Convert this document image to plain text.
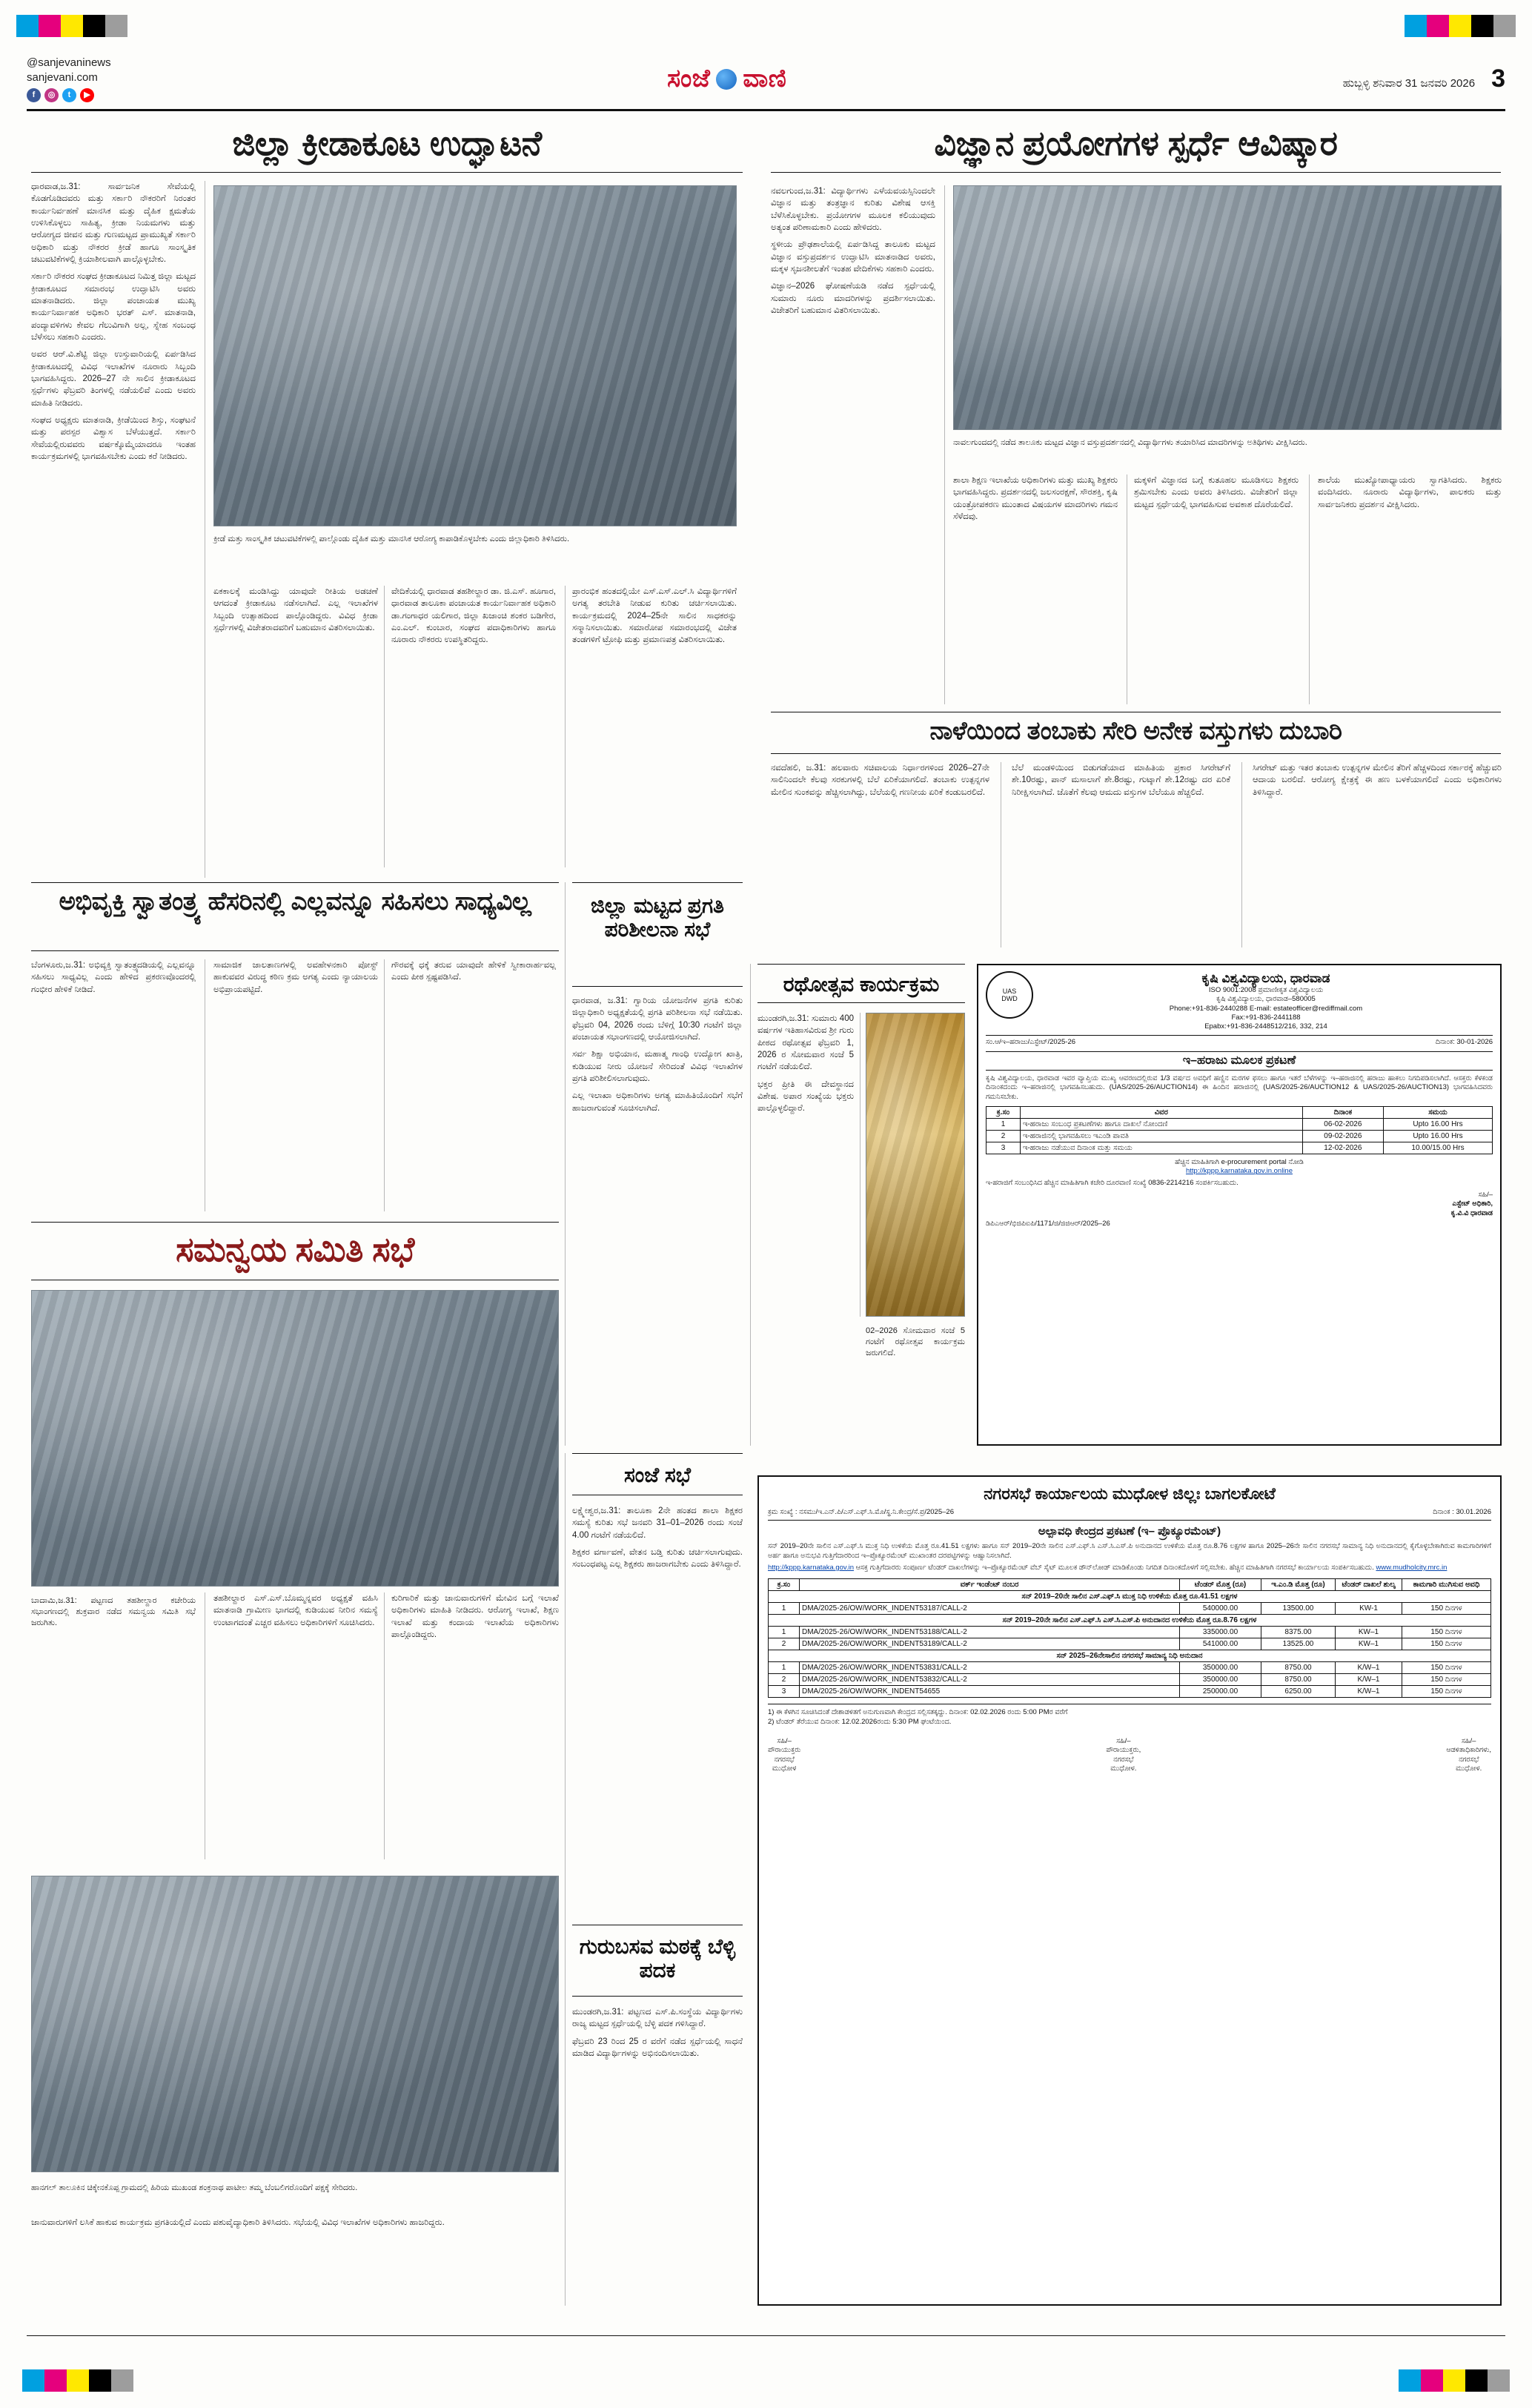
@sanjevaninews
sanjevani.com
f	◎	t	▶
ಸಂಜೆ ವಾಣಿ	ಹುಬ್ಬಳ್ಳಿ ಶನಿವಾರ 31 ಜನವರಿ 2026 3
ಜಿಲ್ಲಾ ಕ್ರೀಡಾಕೂಟ ಉದ್ಘಾಟನೆ

ಧಾರವಾಡ,ಜ.31: ಸಾರ್ವಜನಿಕ ಸೇವೆಯಲ್ಲಿ ಕೊಡಗೊಡಿದವರು ಮತ್ತು ಸರ್ಕಾರಿ ನೌಕರರಿಗೆ ನಿರಂತರ ಕಾರ್ಯನಿರ್ವಹಣೆ ಮಾನಸಿಕ ಮತ್ತು ದೈಹಿಕ ಕ್ಷಮತೆಯ ಉಳಿಸಿಕೊಳ್ಳಲು ಸಾಹಿತ್ಯ, ಕ್ರೀಡಾ ನಿಯಮಗಳು ಮತ್ತು ಆರೋಗ್ಯದ ಜೀವನ ಮತ್ತು ಗುಣಮಟ್ಟದ ಪ್ರಾಮುಖ್ಯತೆ ಸರ್ಕಾರಿ ಅಧಿಕಾರಿ ಮತ್ತು ನೌಕರರ ಕ್ರೀಡೆ ಹಾಗೂ ಸಾಂಸ್ಕೃತಿಕ ಚಟುವಟಿಕೆಗಳಲ್ಲಿ ಕ್ರಿಯಾಶೀಲವಾಗಿ ಪಾಲ್ಗೊಳ್ಳಬೇಕು.

ಸರ್ಕಾರಿ ನೌಕರರ ಸಂಘದ ಕ್ರೀಡಾಕೂಟದ ನಿಮಿತ್ತ ಜಿಲ್ಲಾ ಮಟ್ಟದ ಕ್ರೀಡಾಕೂಟದ ಸಮಾರಂಭ ಉದ್ಘಾಟಿಸಿ ಅವರು ಮಾತನಾಡಿದರು. ಜಿಲ್ಲಾ ಪಂಚಾಯತ ಮುಖ್ಯ ಕಾರ್ಯನಿರ್ವಾಹಕ ಅಧಿಕಾರಿ ಭರತ್ ಎಸ್. ಮಾತನಾಡಿ, ಪಂದ್ಯಾವಳಿಗಳು ಕೇವಲ ಗೆಲುವಿಗಾಗಿ ಅಲ್ಲ, ಸ್ನೇಹ ಸಂಬಂಧ ಬೆಳೆಸಲು ಸಹಕಾರಿ ಎಂದರು.

ಅವರ ಆರ್.ವಿ.ಶೆಟ್ಟಿ ಜಿಲ್ಲಾ ಉಸ್ತುವಾರಿಯಲ್ಲಿ ಏರ್ಪಡಿಸಿದ ಕ್ರೀಡಾಕೂಟದಲ್ಲಿ ವಿವಿಧ ಇಲಾಖೆಗಳ ನೂರಾರು ಸಿಬ್ಬಂದಿ ಭಾಗವಹಿಸಿದ್ದರು. 2026–27 ನೇ ಸಾಲಿನ ಕ್ರೀಡಾಕೂಟದ ಸ್ಪರ್ಧೆಗಳು ಫೆಬ್ರವರಿ ತಿಂಗಳಲ್ಲಿ ನಡೆಯಲಿವೆ ಎಂದು ಅವರು ಮಾಹಿತಿ ನೀಡಿದರು.

ಸಂಘದ ಅಧ್ಯಕ್ಷರು ಮಾತನಾಡಿ, ಕ್ರೀಡೆಯಿಂದ ಶಿಸ್ತು, ಸಂಘಟನೆ ಮತ್ತು ಪರಸ್ಪರ ವಿಶ್ವಾಸ ಬೆಳೆಯುತ್ತದೆ. ಸರ್ಕಾರಿ ಸೇವೆಯಲ್ಲಿರುವವರು ವರ್ಷಕ್ಕೊಮ್ಮೆಯಾದರೂ ಇಂತಹ ಕಾರ್ಯಕ್ರಮಗಳಲ್ಲಿ ಭಾಗವಹಿಸಬೇಕು ಎಂದು ಕರೆ ನೀಡಿದರು.

ಕ್ರೀಡೆ ಮತ್ತು ಸಾಂಸ್ಕೃತಿಕ ಚಟುವಟಿಕೆಗಳಲ್ಲಿ ಪಾಲ್ಗೊಂಡು ದೈಹಿಕ ಮತ್ತು ಮಾನಸಿಕ ಆರೋಗ್ಯ ಕಾಪಾಡಿಕೊಳ್ಳಬೇಕು ಎಂದು ಜಿಲ್ಲಾಧಿಕಾರಿ ತಿಳಿಸಿದರು.
ಏಕಕಾಲಕ್ಕೆ ಮಂಡಿಸಿದ್ದು ಯಾವುದೇ ರೀತಿಯ ಅಡಚಣೆ ಆಗದಂತೆ ಕ್ರೀಡಾಕೂಟ ನಡೆಸಲಾಗಿದೆ. ಎಲ್ಲ ಇಲಾಖೆಗಳ ಸಿಬ್ಬಂದಿ ಉತ್ಸಾಹದಿಂದ ಪಾಲ್ಗೊಂಡಿದ್ದರು. ವಿವಿಧ ಕ್ರೀಡಾ ಸ್ಪರ್ಧೆಗಳಲ್ಲಿ ವಿಜೇತರಾದವರಿಗೆ ಬಹುಮಾನ ವಿತರಿಸಲಾಯಿತು.
ವೇದಿಕೆಯಲ್ಲಿ ಧಾರವಾಡ ತಹಶೀಲ್ದಾರ ಡಾ. ಜಿ.ಎಸ್. ಹೂಗಾರ, ಧಾರವಾಡ ತಾಲೂಕಾ ಪಂಚಾಯತ ಕಾರ್ಯನಿರ್ವಾಹಕ ಅಧಿಕಾರಿ ಡಾ.ಗಂಗಾಧರ ಯಲಿಗಾರ, ಜಿಲ್ಲಾ ಖಜಾಂಚಿ ಶಂಕರ ಬಡಿಗೇರ, ಎಂ.ಎಲ್. ಕುಂಬಾರ, ಸಂಘದ ಪದಾಧಿಕಾರಿಗಳು ಹಾಗೂ ನೂರಾರು ನೌಕರರು ಉಪಸ್ಥಿತರಿದ್ದರು.
ಪ್ರಾರಂಭಿಕ ಹಂತದಲ್ಲಿಯೇ ಎಸ್.ಎಸ್.ಎಲ್.ಸಿ ವಿದ್ಯಾರ್ಥಿಗಳಿಗೆ ಅಗತ್ಯ ತರಬೇತಿ ನೀಡುವ ಕುರಿತು ಚರ್ಚಿಸಲಾಯಿತು. ಕಾರ್ಯಕ್ರಮದಲ್ಲಿ 2024–25ನೇ ಸಾಲಿನ ಸಾಧಕರನ್ನು ಸನ್ಮಾನಿಸಲಾಯಿತು. ಸಮಾರೋಪ ಸಮಾರಂಭದಲ್ಲಿ ವಿಜೇತ ತಂಡಗಳಿಗೆ ಟ್ರೋಫಿ ಮತ್ತು ಪ್ರಮಾಣಪತ್ರ ವಿತರಿಸಲಾಯಿತು.
ವಿಜ್ಞಾನ ಪ್ರಯೋಗಗಳ ಸ್ಪರ್ಧೆ ಆವಿಷ್ಕಾರ

ನವಲಗುಂದ,ಜ.31: ವಿದ್ಯಾರ್ಥಿಗಳು ಎಳೆಯವಯಸ್ಸಿನಿಂದಲೇ ವಿಜ್ಞಾನ ಮತ್ತು ತಂತ್ರಜ್ಞಾನ ಕುರಿತು ವಿಶೇಷ ಆಸಕ್ತಿ ಬೆಳೆಸಿಕೊಳ್ಳಬೇಕು. ಪ್ರಯೋಗಗಳ ಮೂಲಕ ಕಲಿಯುವುದು ಅತ್ಯಂತ ಪರಿಣಾಮಕಾರಿ ಎಂದು ಹೇಳಿದರು.

ಸ್ಥಳೀಯ ಪ್ರೌಢಶಾಲೆಯಲ್ಲಿ ಏರ್ಪಡಿಸಿದ್ದ ತಾಲೂಕು ಮಟ್ಟದ ವಿಜ್ಞಾನ ವಸ್ತುಪ್ರದರ್ಶನ ಉದ್ಘಾಟಿಸಿ ಮಾತನಾಡಿದ ಅವರು, ಮಕ್ಕಳ ಸೃಜನಶೀಲತೆಗೆ ಇಂತಹ ವೇದಿಕೆಗಳು ಸಹಕಾರಿ ಎಂದರು.

ವಿಜ್ಞಾನ–2026 ಘೋಷಣೆಯಡಿ ನಡೆದ ಸ್ಪರ್ಧೆಯಲ್ಲಿ ಸುಮಾರು ನೂರು ಮಾದರಿಗಳನ್ನು ಪ್ರದರ್ಶಿಸಲಾಯಿತು. ವಿಜೇತರಿಗೆ ಬಹುಮಾನ ವಿತರಿಸಲಾಯಿತು.

ನಾವಲಗುಂದದಲ್ಲಿ ನಡೆದ ತಾಲೂಕು ಮಟ್ಟದ ವಿಜ್ಞಾನ ವಸ್ತುಪ್ರದರ್ಶನದಲ್ಲಿ ವಿದ್ಯಾರ್ಥಿಗಳು ತಯಾರಿಸಿದ ಮಾದರಿಗಳನ್ನು ಅತಿಥಿಗಳು ವೀಕ್ಷಿಸಿದರು.
ಶಾಲಾ ಶಿಕ್ಷಣ ಇಲಾಖೆಯ ಅಧಿಕಾರಿಗಳು ಮತ್ತು ಮುಖ್ಯ ಶಿಕ್ಷಕರು ಭಾಗವಹಿಸಿದ್ದರು. ಪ್ರದರ್ಶನದಲ್ಲಿ ಜಲಸಂರಕ್ಷಣೆ, ಸೌರಶಕ್ತಿ, ಕೃಷಿ ಯಂತ್ರೋಪಕರಣ ಮುಂತಾದ ವಿಷಯಗಳ ಮಾದರಿಗಳು ಗಮನ ಸೆಳೆದವು.
ಮಕ್ಕಳಿಗೆ ವಿಜ್ಞಾನದ ಬಗ್ಗೆ ಕುತೂಹಲ ಮೂಡಿಸಲು ಶಿಕ್ಷಕರು ಶ್ರಮಿಸಬೇಕು ಎಂದು ಅವರು ತಿಳಿಸಿದರು. ವಿಜೇತರಿಗೆ ಜಿಲ್ಲಾ ಮಟ್ಟದ ಸ್ಪರ್ಧೆಯಲ್ಲಿ ಭಾಗವಹಿಸುವ ಅವಕಾಶ ದೊರೆಯಲಿದೆ.
ಶಾಲೆಯ ಮುಖ್ಯೋಪಾಧ್ಯಾಯರು ಸ್ವಾಗತಿಸಿದರು. ಶಿಕ್ಷಕರು ವಂದಿಸಿದರು. ನೂರಾರು ವಿದ್ಯಾರ್ಥಿಗಳು, ಪಾಲಕರು ಮತ್ತು ಸಾರ್ವಜನಿಕರು ಪ್ರದರ್ಶನ ವೀಕ್ಷಿಸಿದರು.
ನಾಳೆಯಿಂದ ತಂಬಾಕು ಸೇರಿ ಅನೇಕ ವಸ್ತುಗಳು ದುಬಾರಿ
ನವದೆಹಲಿ, ಜ.31: ಹಲವಾರು ಸಚಿವಾಲಯ ನಿರ್ಧಾರಗಳಿಂದ 2026–27ನೇ ಸಾಲಿನಿಂದಲೇ ಕೆಲವು ಸರಕುಗಳಲ್ಲಿ ಬೆಲೆ ಏರಿಕೆಯಾಗಲಿದೆ. ತಂಬಾಕು ಉತ್ಪನ್ನಗಳ ಮೇಲಿನ ಸುಂಕವನ್ನು ಹೆಚ್ಚಿಸಲಾಗಿದ್ದು, ಬೆಲೆಯಲ್ಲಿ ಗಣನೀಯ ಏರಿಕೆ ಕಂಡುಬರಲಿದೆ.
ಬೆಲೆ ಮಂಡಳಿಯಿಂದ ಬಿಡುಗಡೆಯಾದ ಮಾಹಿತಿಯ ಪ್ರಕಾರ ಸಿಗರೇಟ್‌ಗೆ ಶೇ.10ರಷ್ಟು, ಪಾನ್ ಮಸಾಲಾಗೆ ಶೇ.8ರಷ್ಟು, ಗುಟ್ಕಾಗೆ ಶೇ.12ರಷ್ಟು ದರ ಏರಿಕೆ ನಿರೀಕ್ಷಿಸಲಾಗಿದೆ. ಜೊತೆಗೆ ಕೆಲವು ಆಮದು ವಸ್ತುಗಳ ಬೆಲೆಯೂ ಹೆಚ್ಚಲಿದೆ.
ಸಿಗರೇಟ್ ಮತ್ತು ಇತರ ತಂಬಾಕು ಉತ್ಪನ್ನಗಳ ಮೇಲಿನ ತೆರಿಗೆ ಹೆಚ್ಚಳದಿಂದ ಸರ್ಕಾರಕ್ಕೆ ಹೆಚ್ಚುವರಿ ಆದಾಯ ಬರಲಿದೆ. ಆರೋಗ್ಯ ಕ್ಷೇತ್ರಕ್ಕೆ ಈ ಹಣ ಬಳಕೆಯಾಗಲಿದೆ ಎಂದು ಅಧಿಕಾರಿಗಳು ತಿಳಿಸಿದ್ದಾರೆ.
ಅಭಿವೃಕ್ತಿ ಸ್ವಾತಂತ್ರ್ಯ ಹೆಸರಿನಲ್ಲಿ ಎಲ್ಲವನ್ನೂ ಸಹಿಸಲು ಸಾಧ್ಯವಿಲ್ಲ
ಬೆಂಗಳೂರು,ಜ.31: ಅಭಿವ್ಯಕ್ತಿ ಸ್ವಾತಂತ್ರ್ಯದಡಿಯಲ್ಲಿ ಎಲ್ಲವನ್ನೂ ಸಹಿಸಲು ಸಾಧ್ಯವಿಲ್ಲ ಎಂದು ಹೇಳಿದ ಪ್ರಕರಣವೊಂದರಲ್ಲಿ ಗಂಭೀರ ಹೇಳಿಕೆ ನೀಡಿದೆ.
ಸಾಮಾಜಿಕ ಜಾಲತಾಣಗಳಲ್ಲಿ ಅವಹೇಳನಕಾರಿ ಪೋಸ್ಟ್ ಹಾಕುವವರ ವಿರುದ್ಧ ಕಠಿಣ ಕ್ರಮ ಅಗತ್ಯ ಎಂದು ನ್ಯಾಯಾಲಯ ಅಭಿಪ್ರಾಯಪಟ್ಟಿದೆ.
ಗೌರವಕ್ಕೆ ಧಕ್ಕೆ ತರುವ ಯಾವುದೇ ಹೇಳಿಕೆ ಸ್ವೀಕಾರಾರ್ಹವಲ್ಲ ಎಂದು ಪೀಠ ಸ್ಪಷ್ಟಪಡಿಸಿದೆ.
ಜಿಲ್ಲಾ ಮಟ್ಟದ ಪ್ರಗತಿ ಪರಿಶೀಲನಾ ಸಭೆ

ಧಾರವಾಡ, ಜ.31: ಗ್ವಾರಿಯ ಯೋಜನೆಗಳ ಪ್ರಗತಿ ಕುರಿತು ಜಿಲ್ಲಾಧಿಕಾರಿ ಅಧ್ಯಕ್ಷತೆಯಲ್ಲಿ ಪ್ರಗತಿ ಪರಿಶೀಲನಾ ಸಭೆ ನಡೆಯಿತು. ಫೆಬ್ರವರಿ 04, 2026 ರಂದು ಬೆಳಿಗ್ಗೆ 10:30 ಗಂಟೆಗೆ ಜಿಲ್ಲಾ ಪಂಚಾಯತ ಸಭಾಂಗಣದಲ್ಲಿ ಆಯೋಜಿಸಲಾಗಿದೆ.

ಸರ್ವ ಶಿಕ್ಷಾ ಅಭಿಯಾನ, ಮಹಾತ್ಮ ಗಾಂಧಿ ಉದ್ಯೋಗ ಖಾತ್ರಿ, ಕುಡಿಯುವ ನೀರು ಯೋಜನೆ ಸೇರಿದಂತೆ ವಿವಿಧ ಇಲಾಖೆಗಳ ಪ್ರಗತಿ ಪರಿಶೀಲಿಸಲಾಗುವುದು.

ಎಲ್ಲ ಇಲಾಖಾ ಅಧಿಕಾರಿಗಳು ಅಗತ್ಯ ಮಾಹಿತಿಯೊಂದಿಗೆ ಸಭೆಗೆ ಹಾಜರಾಗುವಂತೆ ಸೂಚಿಸಲಾಗಿದೆ.

ರಥೋತ್ಸವ ಕಾರ್ಯಕ್ರಮ

ಮುಂಡರಗಿ,ಜ.31: ಸುಮಾರು 400 ವರ್ಷಗಳ ಇತಿಹಾಸವಿರುವ ಶ್ರೀ ಗುರು ಪೀಠದ ರಥೋತ್ಸವ ಫೆಬ್ರವರಿ 1, 2026 ರ ಸೋಮವಾರ ಸಂಜೆ 5 ಗಂಟೆಗೆ ನಡೆಯಲಿದೆ.

ಭಕ್ತರ ಪ್ರೀತಿ ಈ ದೇವಸ್ಥಾನದ ವಿಶೇಷ. ಅಪಾರ ಸಂಖ್ಯೆಯ ಭಕ್ತರು ಪಾಲ್ಗೊಳ್ಳಲಿದ್ದಾರೆ.

02–2026 ಸೋಮವಾರ ಸಂಜೆ 5 ಗಂಟೆಗೆ ರಥೋತ್ಸವ ಕಾರ್ಯಕ್ರಮ ಜರುಗಲಿದೆ.
UAS
DWD
ಕೃಷಿ ವಿಶ್ವವಿದ್ಯಾಲಯ, ಧಾರವಾಡ
ISO 9001:2008 ಪ್ರಮಾಣೀಕೃತ ವಿಶ್ವವಿದ್ಯಾಲಯ
ಕೃಷಿ ವಿಶ್ವವಿದ್ಯಾಲಯ, ಧಾರವಾಡ–580005
Phone:+91-836-2440288 E-mail: estateofficer@rediffmail.com
Fax:+91-836-2441188
Epabx:+91-836-2448512/216, 332, 214
ಸಂ.ಆ/ಇ–ಹರಾಜು/ಎಸ್ಟೇಟ್/2025-26	ದಿನಾಂಕ: 30-01-2026
ಇ–ಹರಾಜು ಮೂಲಕ ಪ್ರಕಟಣೆ
ಕೃಷಿ ವಿಶ್ವವಿದ್ಯಾಲಯ, ಧಾರವಾಡ ಇವರ ವ್ಯಾಪ್ತಿಯ ಮುಖ್ಯ ಆವರಣದಲ್ಲಿರುವ 1/3 ವರ್ಷದ ಅವಧಿಗೆ ಹಣ್ಣಿನ ಮರಗಳ ಫಸಲು ಹಾಗೂ ಇತರೆ ಬೆಳೆಗಳನ್ನು ಇ–ಹರಾಜಿನಲ್ಲಿ ಹರಾಜು ಹಾಕಲು ನಿಗದಿಪಡಿಸಲಾಗಿದೆ. ಆಸಕ್ತರು ಕೆಳಕಂಡ ದಿನಾಂಕದಂದು ಇ–ಹರಾಜಿನಲ್ಲಿ ಭಾಗವಹಿಸಬಹುದು. (UAS/2025-26/AUCTION14) ಈ ಹಿಂದಿನ ಹರಾಜಿನಲ್ಲಿ (UAS/2025-26/AUCTION12 & UAS/2025-26/AUCTION13) ಭಾಗವಹಿಸಿದವರು ಗಮನಿಸಬೇಕು.
ಕ್ರ.ಸಂ	ವಿವರ	ದಿನಾಂಕ	ಸಮಯ
1	ಇ-ಹರಾಜು ಸಂಬಂಧ ಪ್ರಕಟಣೆಗಳು ಹಾಗೂ ದಾಖಲೆ ನೋಂದಣಿ	06-02-2026	Upto 16.00 Hrs
2	ಇ-ಹರಾಜಿನಲ್ಲಿ ಭಾಗವಹಿಸಲು ಇಎಂಡಿ ಪಾವತಿ	09-02-2026	Upto 16.00 Hrs
3	ಇ-ಹರಾಜು ನಡೆಯುವ ದಿನಾಂಕ ಮತ್ತು ಸಮಯ	12-02-2026	10.00/15.00 Hrs
ಹೆಚ್ಚಿನ ಮಾಹಿತಿಗಾಗಿ e-procurement portal ನೋಡಿ
http://kppp.karnataka.gov.in.online
ಇ-ಹರಾಜಿಗೆ ಸಂಬಂಧಿಸಿದ ಹೆಚ್ಚಿನ ಮಾಹಿತಿಗಾಗಿ ಕಚೇರಿ ದೂರವಾಣಿ ಸಂಖ್ಯೆ 0836-2214216 ಸಂಪರ್ಕಿಸಬಹುದು.
ಸಹಿ/–
ಎಸ್ಟೇಟ್ ಅಧಿಕಾರಿ,
ಕೃ.ವಿ.ವಿ ಧಾರವಾಡ
ಡಿಪಿಎಆರ್/ಭಿಜಿಪಿಐಪಿ/1171/ಜಿ/ಜಿಜಿಆರ್/2025–26
ಸಮನ್ವಯ ಸಮಿತಿ ಸಭೆ
ಬಾದಾಮಿ,ಜ.31: ಪಟ್ಟಣದ ತಹಶೀಲ್ದಾರ ಕಚೇರಿಯ ಸಭಾಂಗಣದಲ್ಲಿ ಶುಕ್ರವಾರ ನಡೆದ ಸಮನ್ವಯ ಸಮಿತಿ ಸಭೆ ಜರುಗಿತು.
ತಹಶೀಲ್ದಾರ ಎಸ್.ಎಸ್.ಬೊಮ್ಮನ್ನವರ ಅಧ್ಯಕ್ಷತೆ ವಹಿಸಿ ಮಾತನಾಡಿ ಗ್ರಾಮೀಣ ಭಾಗದಲ್ಲಿ ಕುಡಿಯುವ ನೀರಿನ ಸಮಸ್ಯೆ ಉಂಟಾಗದಂತೆ ಎಚ್ಚರ ವಹಿಸಲು ಅಧಿಕಾರಿಗಳಿಗೆ ಸೂಚಿಸಿದರು.
ಕುರಿಗಾರಿಕೆ ಮತ್ತು ಜಾನುವಾರುಗಳಿಗೆ ಮೇವಿನ ಬಗ್ಗೆ ಇಲಾಖೆ ಅಧಿಕಾರಿಗಳು ಮಾಹಿತಿ ನೀಡಿದರು. ಆರೋಗ್ಯ ಇಲಾಖೆ, ಶಿಕ್ಷಣ ಇಲಾಖೆ ಮತ್ತು ಕಂದಾಯ ಇಲಾಖೆಯ ಅಧಿಕಾರಿಗಳು ಪಾಲ್ಗೊಂಡಿದ್ದರು.
ಹಾನಗಲ್ ತಾಲೂಕಿನ ಚಿಕ್ಕೇನಕೊಪ್ಪ ಗ್ರಾಮದಲ್ಲಿ ಹಿರಿಯ ಮುಖಂಡ ಶಂಕ್ರನಾಥ ಪಾಟೀಲ ತಮ್ಮ ಬೆಂಬಲಿಗರೊಂದಿಗೆ ಪಕ್ಷಕ್ಕೆ ಸೇರಿದರು.
ಜಾನುವಾರುಗಳಿಗೆ ಲಸಿಕೆ ಹಾಕುವ ಕಾರ್ಯಕ್ರಮ ಪ್ರಗತಿಯಲ್ಲಿದೆ ಎಂದು ಪಶುವೈದ್ಯಾಧಿಕಾರಿ ತಿಳಿಸಿದರು. ಸಭೆಯಲ್ಲಿ ವಿವಿಧ ಇಲಾಖೆಗಳ ಅಧಿಕಾರಿಗಳು ಹಾಜರಿದ್ದರು.
ಸಂಜೆ ಸಭೆ

ಲಕ್ಷ್ಮೇಶ್ವರ,ಜ.31: ತಾಲೂಕಾ 2ನೇ ಹಂತದ ಶಾಲಾ ಶಿಕ್ಷಕರ ಸಮಸ್ಯೆ ಕುರಿತು ಸಭೆ ಜನವರಿ 31–01–2026 ರಂದು ಸಂಜೆ 4.00 ಗಂಟೆಗೆ ನಡೆಯಲಿದೆ.

ಶಿಕ್ಷಕರ ವರ್ಗಾವಣೆ, ವೇತನ ಬಡ್ತಿ ಕುರಿತು ಚರ್ಚಿಸಲಾಗುವುದು. ಸಂಬಂಧಪಟ್ಟ ಎಲ್ಲ ಶಿಕ್ಷಕರು ಹಾಜರಾಗಬೇಕು ಎಂದು ತಿಳಿಸಿದ್ದಾರೆ.

ಗುರುಬಸವ ಮಠಕ್ಕೆ ಬೆಳ್ಳಿ ಪದಕ

ಮುಂಡರಗಿ,ಜ.31: ಪಟ್ಟಣದ ಎಸ್.ಪಿ.ಸಂಸ್ಥೆಯ ವಿದ್ಯಾರ್ಥಿಗಳು ರಾಜ್ಯ ಮಟ್ಟದ ಸ್ಪರ್ಧೆಯಲ್ಲಿ ಬೆಳ್ಳಿ ಪದಕ ಗಳಿಸಿದ್ದಾರೆ.

ಫೆಬ್ರವರಿ 23 ರಿಂದ 25 ರ ವರೆಗೆ ನಡೆದ ಸ್ಪರ್ಧೆಯಲ್ಲಿ ಸಾಧನೆ ಮಾಡಿದ ವಿದ್ಯಾರ್ಥಿಗಳನ್ನು ಅಭಿನಂದಿಸಲಾಯಿತು.

ನಗರಸಭೆ ಕಾರ್ಯಾಲಯ ಮುಧೋಳ ಜಿಲ್ಲಃ ಬಾಗಲಕೋಟೆ
ಕ್ರಮ ಸಂಖ್ಯೆ : ನಸಮು/ಇ.ಎನ್.ಪಿ/ಎಸ್.ಎಫ್.ಸಿ.ಮೊ/ಸ್ಥ.ನಿ.ಕೇಂದ್ರ/ಸೆ.ಪ್ರ/2025–26	ದಿನಾಂಕ : 30.01.2026
ಅಲ್ಪಾವಧಿ ಕೇಂದ್ರದ ಪ್ರಕಟಣೆ (ಇ– ಪ್ರೊಕ್ಯೂರಮೆಂಟ್)
ಸನ್ 2019–20ನೇ ಸಾಲಿನ ಎಸ್.ಎಫ್.ಸಿ ಮುಕ್ತ ನಿಧಿ ಉಳಿಕೆಯ ಮೊತ್ತ ರೂ.41.51 ಲಕ್ಷಗಳು ಹಾಗೂ ಸನ್ 2019–20ನೇ ಸಾಲಿನ ಎಸ್.ಎಫ್.ಸಿ ಎಸ್.ಸಿ.ಎಸ್.ಪಿ ಅನುದಾನದ ಉಳಿಕೆಯ ಮೊತ್ತ ರೂ.8.76 ಲಕ್ಷಗಳ ಹಾಗೂ 2025–26ನೇ ಸಾಲಿನ ನಗರಸಭೆ ಸಾಮಾನ್ಯ ನಿಧಿ ಅನುದಾನದಲ್ಲಿ ಕೈಗೊಳ್ಳಬೇಕಾಗಿರುವ ಕಾಮಗಾರಿಗಳಿಗೆ ಅರ್ಹ ಹಾಗೂ ಅನುಭವಿ ಗುತ್ತಿಗೆದಾರರಿಂದ ಇ–ಪ್ರೊಕ್ಯೂರಮೆಂಟ್ ಮುಖಾಂತರ ದರಪಟ್ಟಿಗಳನ್ನು ಆಹ್ವಾನಿಸಲಾಗಿದೆ.
http://kppp.karnataka.gov.in ಆಸಕ್ತ ಗುತ್ತಿಗೆದಾರರು ಸಂಪೂರ್ಣ ಟೆಂಡರ್ ದಾಖಲೆಗಳನ್ನು ಇ–ಪ್ರೊಕ್ಯೂರಮೆಂಟ್ ವೆಬ್ ಸೈಟ್ ಮೂಲಕ ಡೌನ್‌ಲೋಡ್ ಮಾಡಿಕೊಂಡು ನಿಗದಿತ ದಿನಾಂಕದೊಳಗೆ ಸಲ್ಲಿಸಬೇಕು. ಹೆಚ್ಚಿನ ಮಾಹಿತಿಗಾಗಿ ನಗರಸಭೆ ಕಾರ್ಯಾಲಯ ಸಂಪರ್ಕಿಸಬಹುದು. www.mudholcity.mrc.in
ಕ್ರ.ಸಂ	ವರ್ಕ್ ಇಂಡೆಂಟ್ ನಂಬರ	ಟೆಂಡರ್ ಮೊತ್ತ (ರೂ)	ಇ.ಎಂ.ಡಿ ಮೊತ್ತ (ರೂ)	ಟೆಂಡರ್ ದಾಖಲೆ ಶುಲ್ಕ	ಕಾಮಗಾರಿ ಮುಗಿಸುವ ಅವಧಿ
ಸನ್ 2019–20ನೇ ಸಾಲಿನ ಎಸ್.ಎಫ್.ಸಿ ಮುಕ್ತ ನಿಧಿ ಉಳಿಕೆಯ ಮೊತ್ತ ರೂ.41.51 ಲಕ್ಷಗಳ					
1	DMA/2025-26/OW/WORK_INDENT53187/CALL-2	540000.00	13500.00	KW-1	150 ದಿನಗಳ
ಸನ್ 2019–20ನೇ ಸಾಲಿನ ಎಸ್.ಎಫ್.ಸಿ ಎಸ್.ಸಿ.ಎಸ್.ಪಿ ಅನುದಾನದ ಉಳಿಕೆಯ ಮೊತ್ತ ರೂ.8.76 ಲಕ್ಷಗಳ					
1	DMA/2025-26/OW/WORK_INDENT53188/CALL-2	335000.00	8375.00	KW–1	150 ದಿನಗಳ
2	DMA/2025-26/OW/WORK_INDENT53189/CALL-2	541000.00	13525.00	KW–1	150 ದಿನಗಳ
ಸನ್ 2025–26ನೇಸಾಲಿನ ನಗರಸಭೆ ಸಾಮಾನ್ಯ ನಿಧಿ ಅನುದಾನ					
1	DMA/2025-26/OW/WORK_INDENT53831/CALL-2	350000.00	8750.00	K/W–1	150 ದಿನಗಳ
2	DMA/2025-26/OW/WORK_INDENT53832/CALL-2	350000.00	8750.00	K/W–1	150 ದಿನಗಳ
3	DMA/2025-26/OW/WORK_INDENT54655	250000.00	6250.00	K/W–1	150 ದಿನಗಳ
1) ಈ ಕೆಳಗಿನ ಸೂಚಿಸಿದಂತೆ ದೇಶಾಡಳಿತಗೆ ಅನುಗುಣವಾಗಿ ಕೇಂದ್ರದ ಸಲ್ಲಿಸತಕ್ಕದ್ದು. ದಿನಾಂಕ: 02.02.2026 ರಂದು 5:00 PMರ ವರೆಗೆ
2) ಟೆಂಡರ್ ತೆರೆಯುವ ದಿನಾಂಕ: 12.02.2026ರಂದು 5:30 PM ಘಂಟೆಯಿಂದ.
ಸಹಿ/–
ಪೌರಾಯುಕ್ತರು
ನಗರಸಭೆ
ಮುಧೋಳ
ಸಹಿ/–
ಪೌರಾಯುಕ್ತರು,
ನಗರಸಭೆ
ಮುಧೋಳ.
ಸಹಿ/–
ಆಡಳಿತಾಧಿಕಾರಿಗಳು,
ನಗರಸಭೆ
ಮುಧೋಳ.
